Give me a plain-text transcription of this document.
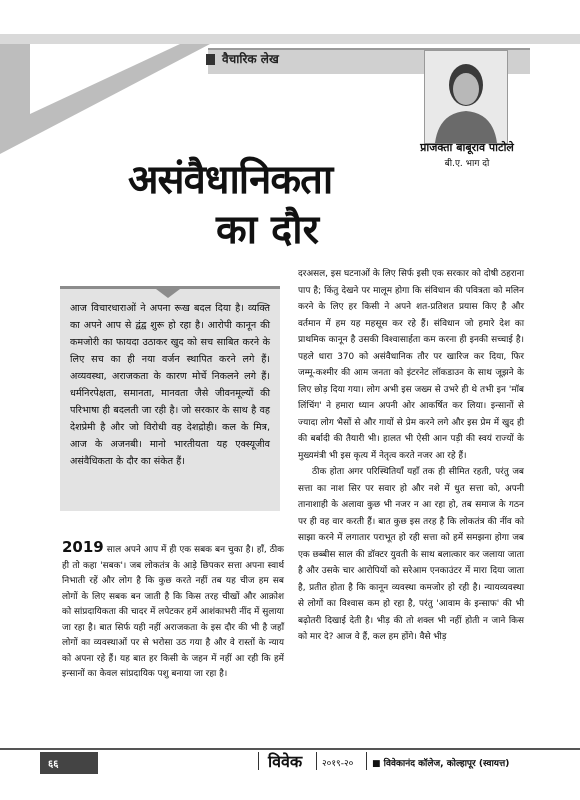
वैचारिक लेख
प्राजक्ता बाबूराव पाटोले
बी.ए. भाग दो
असंवैधानिकता
का दौर

आज विचारधाराओं ने अपना रूख बदल दिया है। व्यक्ति का अपने आप से द्वंद्व शुरू हो रहा है। आरोपी कानून की कमजोरी का फायदा उठाकर खुद को सच साबित करने के लिए सच का ही नया वर्जन स्थापित करने लगे हैं। अव्यवस्था, अराजकता के कारण मोर्चे निकलने लगे हैं। धर्मनिरपेक्षता, समानता, मानवता जैसे जीवनमूल्यों की परिभाषा ही बदलती जा रही है। जो सरकार के साथ है वह देशप्रेमी है और जो विरोधी वह देशद्रोही। कल के मित्र, आज के अजनबी। मानो भारतीयता यह एक्स्यूजीव असंवैधिकता के दौर का संकेत हैं।

2019 साल अपने आप में ही एक सबक बन चुका है। हाँ, ठीक ही तो कहा 'सबक'। जब लोकतंत्र के आड़े छिपकर सत्ता अपना स्वार्थ निभाती रहें और लोग है कि कुछ करते नहीं तब यह चीज हम सब लोगों के लिए सबक बन जाती है कि किस तरह चीखों और आक्रोश को सांप्रदायिकता की चादर में लपेटकर हमें आशंकाभरी नींद में सुलाया जा रहा है। बात सिर्फ यही नहीं अराजकता के इस दौर की भी है जहाँ लोगों का व्यवस्थाओं पर से भरोसा उठ गया है और वे रास्तों के न्याय को अपना रहे हैं। यह बात हर किसी के जहन में नहीं आ रही कि हमें इन्सानों का केवल सांप्रदायिक पशु बनाया जा रहा है।

दरअसल, इस घटनाओं के लिए सिर्फ इसी एक सरकार को दोषी ठहराना पाप है; किंतु देखने पर मालूम होगा कि संविधान की पवित्रता को मलिन करने के लिए हर किसी ने अपने शत-प्रतिशत प्रयास किए है और वर्तमान में हम यह महसूस कर रहे हैं। संविधान जो हमारे देश का प्राथमिक कानून है उसकी विश्वासार्हता कम करना ही इनकी सच्चाई है। पहले धारा 370 को असंवैधानिक तौर पर खारिज कर दिया, फिर जम्मू-कश्मीर की आम जनता को इंटरनेट लॉकडाउन के साथ जूझने के लिए छोड़ दिया गया। लोग अभी इस जख्म से उभरे ही थे तभी इन 'मॉब लिंचिंग' ने हमारा ध्यान अपनी ओर आकर्षित कर लिया। इन्सानों से ज्यादा लोग भैसों से और गायों से प्रेम करने लगे और इस प्रेम में खुद ही की बर्बादी की तैयारी भी। हालत भी ऐसी आन पड़ी की स्वयं राज्यों के मुख्यमंत्री भी इस कृत्य में नेतृत्व करते नजर आ रहे हैं।

ठीक होता अगर परिस्थितियाँ यहाँ तक ही सीमित रहती, परंतु जब सत्ता का नाश सिर पर सवार हो और नशे में धुत सत्ता को, अपनी तानाशाही के अलावा कुछ भी नजर न आ रहा हो, तब समाज के गठन पर ही वह वार करती हैं। बात कुछ इस तरह है कि लोकतंत्र की नींव को साझा करने में लगातार पराभूत हो रही सत्ता को हमें समझना होगा जब एक छब्बीस साल की डॉक्टर युवती के साथ बलात्कार कर जलाया जाता है और उसके चार आरोपियों को सरेआम एनकाउंटर में मारा दिया जाता है, प्रतीत होता है कि कानून व्यवस्था कमजोर हो रही है। न्यायव्यवस्था से लोगों का विश्वास कम हो रहा है, परंतु 'आवाम के इन्साफ' की भी बढ़ोतरी दिखाई देती है। भीड़ की तो शक्ल भी नहीं होती न जाने किस को मार दे? आज वे हैं, कल हम होंगे। वैसे भीड़

६६	विवेक २०१९-२० ■ विवेकानंद कॉलेज, कोल्हापूर (स्वायत्त)
